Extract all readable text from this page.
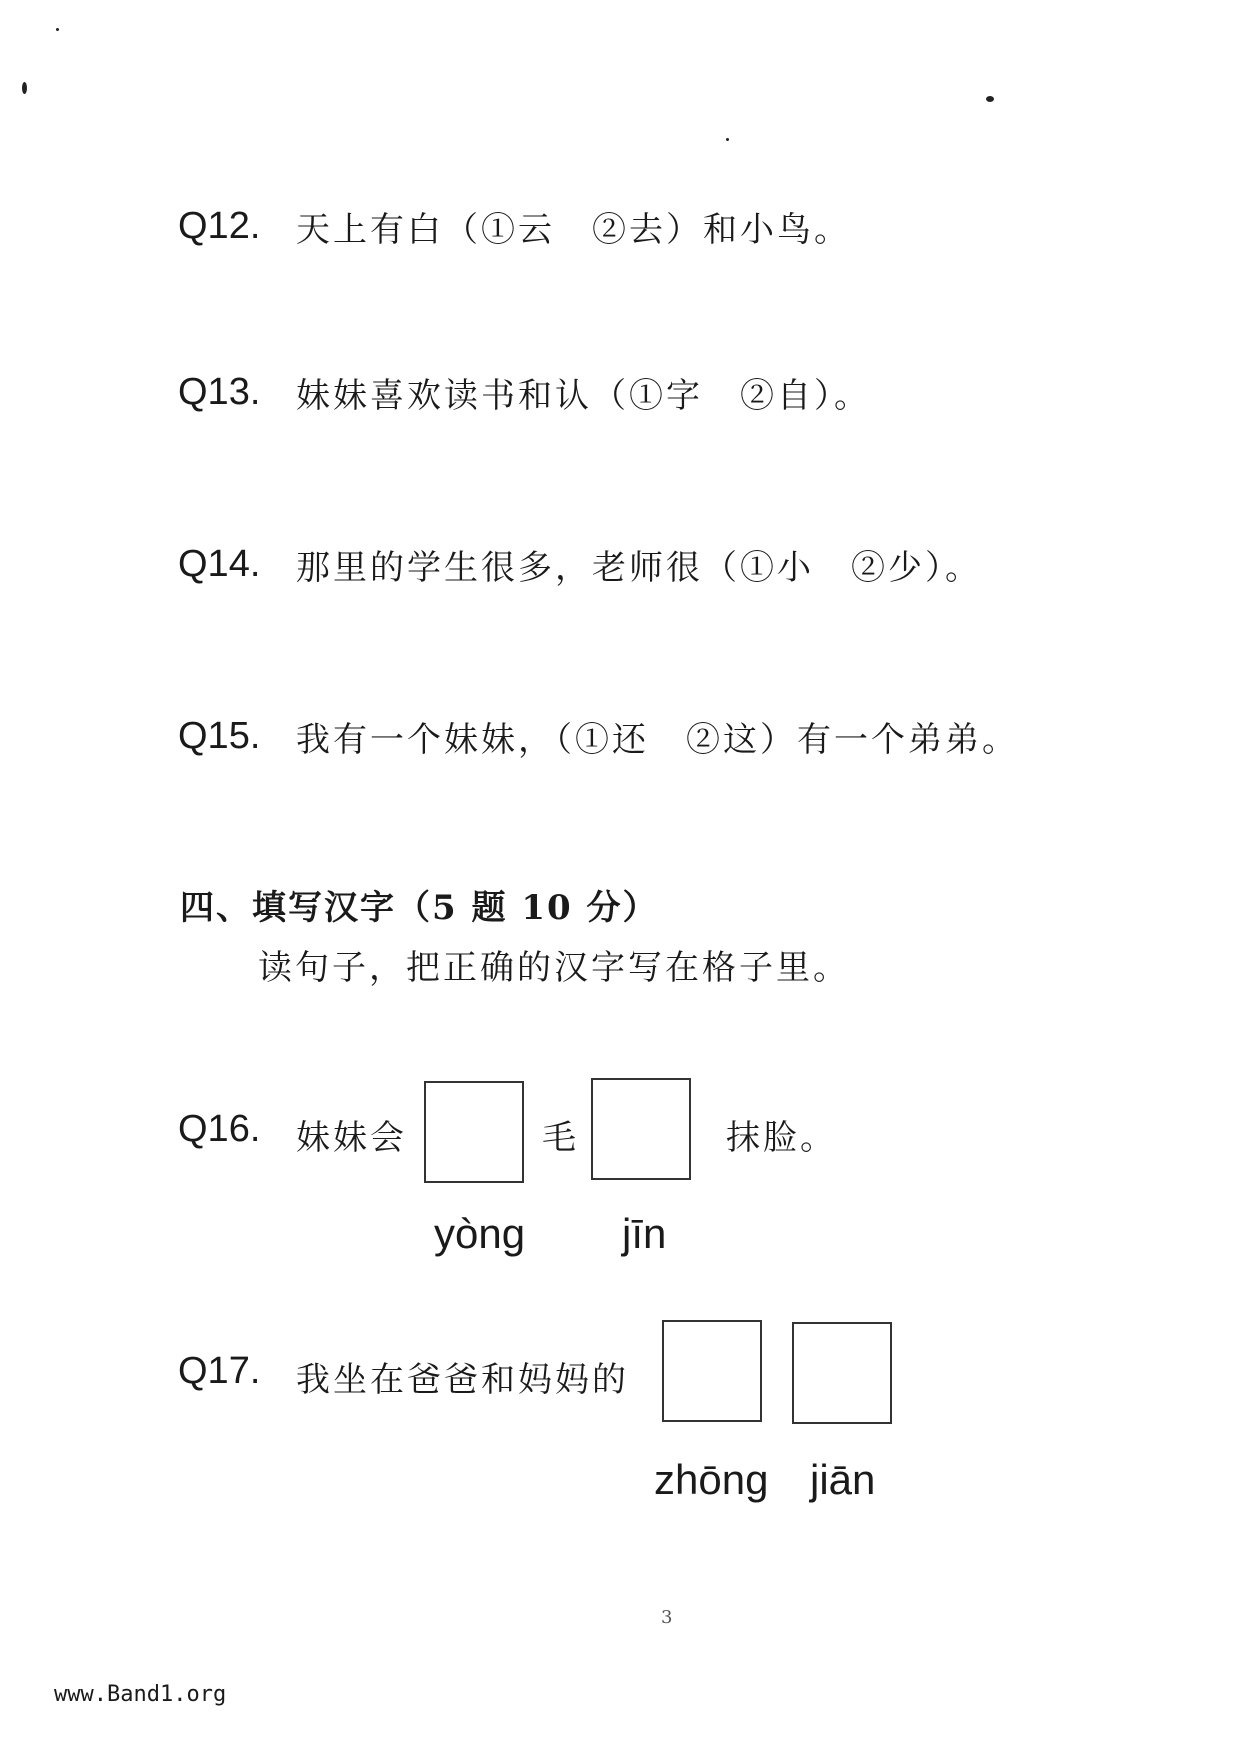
Q12.	天上有白（①云　②去）和小鸟。
Q13.	妹妹喜欢读书和认（①字　②自）。
Q14.	那里的学生很多，老师很（①小　②少）。
Q15.	我有一个妹妹，（①还　②这）有一个弟弟。
四、填写汉字（5 题 10 分）
读句子，把正确的汉字写在格子里。
Q16. 妹妹会	毛	抹脸。
yòng jīn
Q17. 我坐在爸爸和妈妈的
zhōng jiān
3
www.Band1.org
